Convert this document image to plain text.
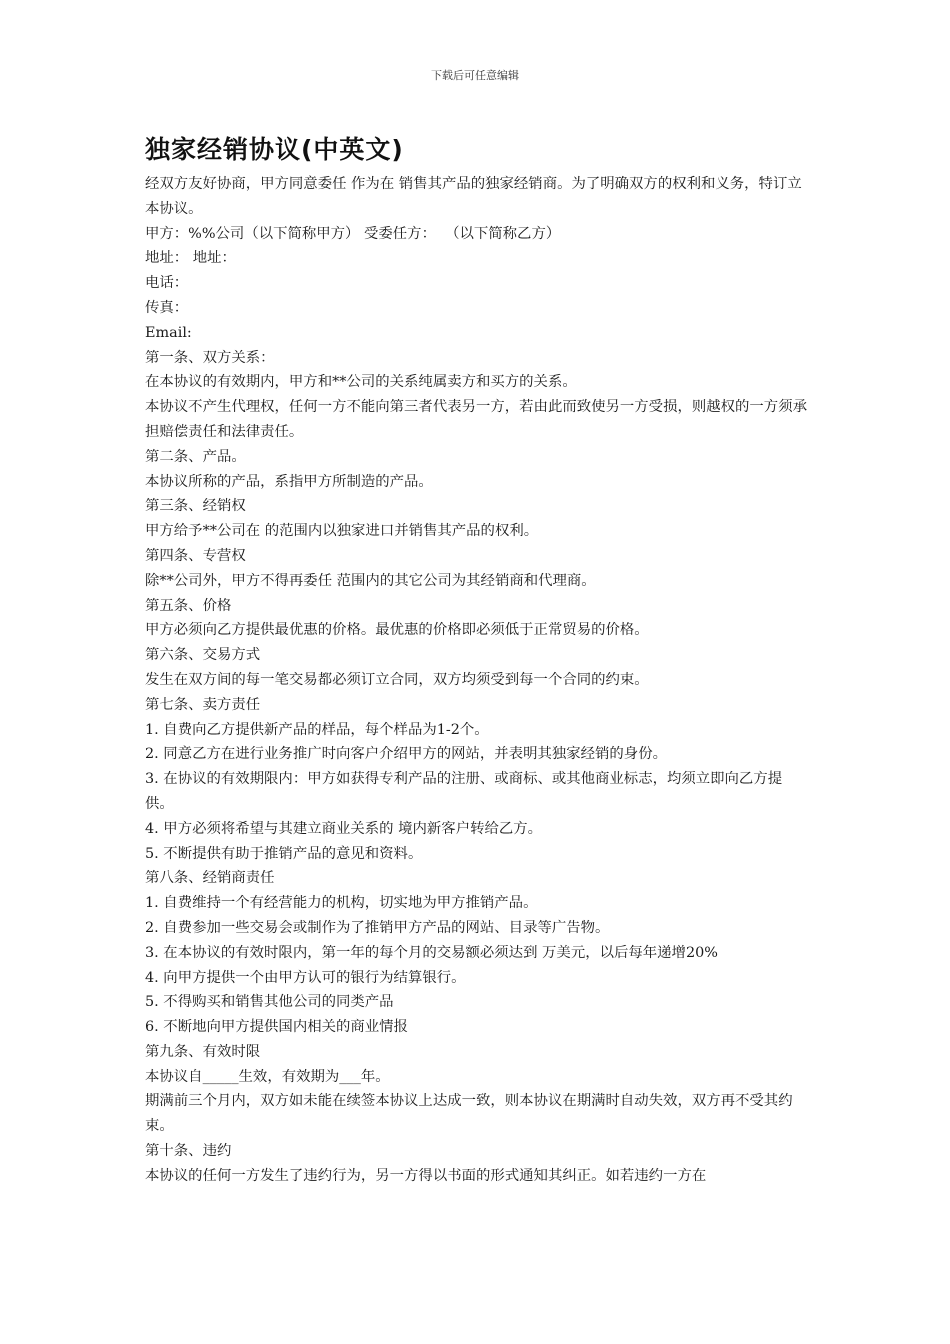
下载后可任意编辑
独家经销协议(中英文)

经双方友好协商，甲方同意委任 作为在 销售其产品的独家经销商。为了明确双方的权利和义务，特订立本协议。

甲方：%%公司（以下简称甲方） 受委任方：  （以下简称乙方）

地址： 地址：

电话：

传真：

Email:

第一条、双方关系：

在本协议的有效期内，甲方和**公司的关系纯属卖方和买方的关系。

本协议不产生代理权，任何一方不能向第三者代表另一方，若由此而致使另一方受损，则越权的一方须承担赔偿责任和法律责任。

第二条、产品。

本协议所称的产品，系指甲方所制造的产品。

第三条、经销权

甲方给予**公司在 的范围内以独家进口并销售其产品的权利。

第四条、专营权

除**公司外，甲方不得再委任 范围内的其它公司为其经销商和代理商。

第五条、价格

甲方必须向乙方提供最优惠的价格。最优惠的价格即必须低于正常贸易的价格。

第六条、交易方式

发生在双方间的每一笔交易都必须订立合同，双方均须受到每一个合同的约束。

第七条、卖方责任

1. 自费向乙方提供新产品的样品，每个样品为1-2个。

2. 同意乙方在进行业务推广时向客户介绍甲方的网站，并表明其独家经销的身份。

3. 在协议的有效期限内：甲方如获得专利产品的注册、或商标、或其他商业标志，均须立即向乙方提供。

4. 甲方必须将希望与其建立商业关系的 境内新客户转给乙方。

5. 不断提供有助于推销产品的意见和资料。

第八条、经销商责任

1. 自费维持一个有经营能力的机构，切实地为甲方推销产品。

2. 自费参加一些交易会或制作为了推销甲方产品的网站、目录等广告物。

3. 在本协议的有效时限内，第一年的每个月的交易额必须达到 万美元，以后每年递增20%

4. 向甲方提供一个由甲方认可的银行为结算银行。

5. 不得购买和销售其他公司的同类产品

6. 不断地向甲方提供国内相关的商业情报

第九条、有效时限

本协议自_____生效，有效期为___年。

期满前三个月内，双方如未能在续签本协议上达成一致，则本协议在期满时自动失效，双方再不受其约束。

第十条、违约

本协议的任何一方发生了违约行为，另一方得以书面的形式通知其纠正。如若违约一方在
